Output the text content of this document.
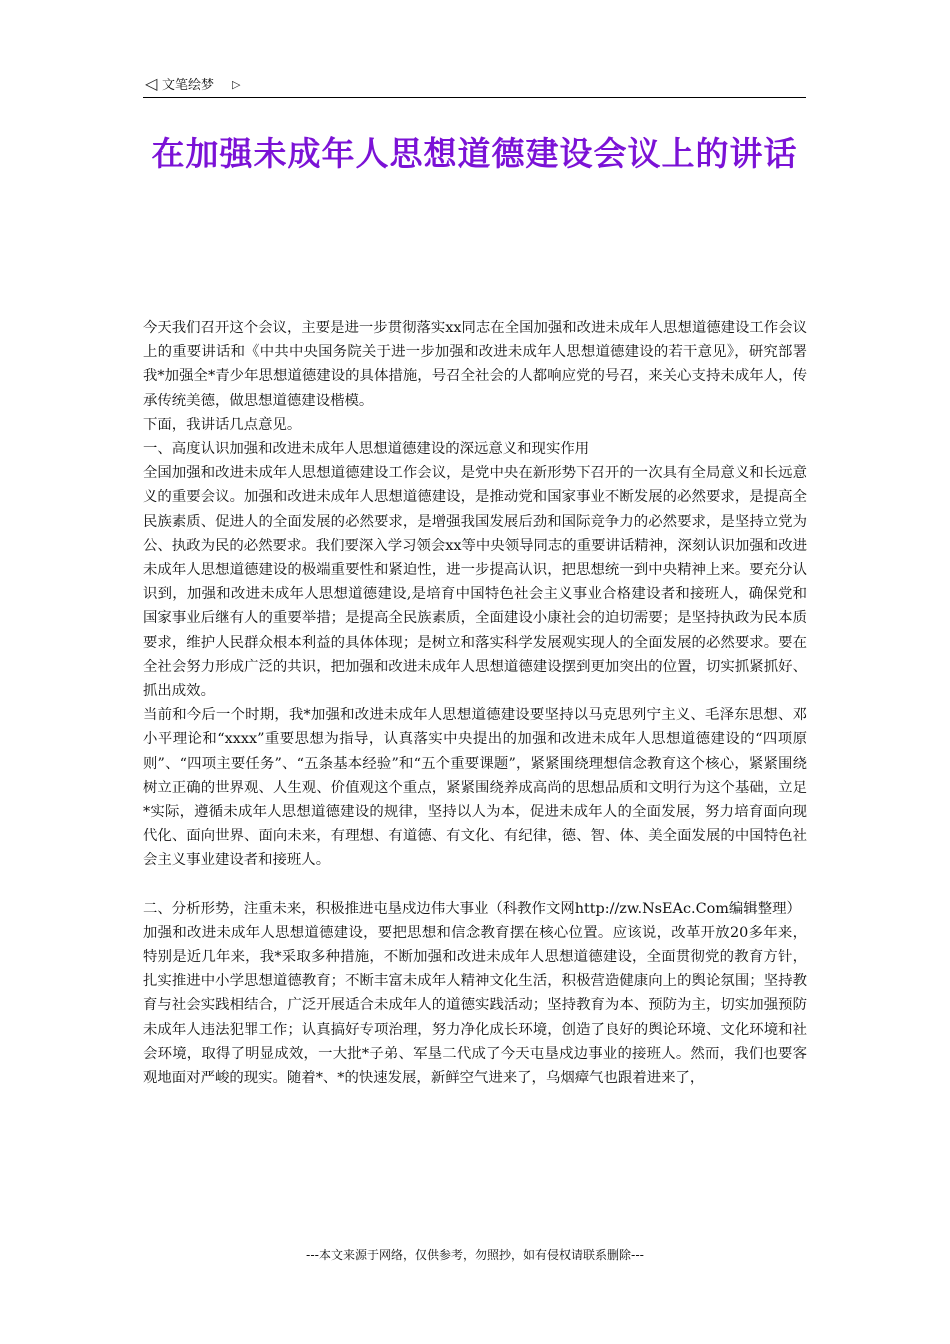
◁ 文笔绘梦 ▷
在加强未成年人思想道德建设会议上的讲话

今天我们召开这个会议，主要是进一步贯彻落实xx同志在全国加强和改进未成年人思想道德建设工作会议上的重要讲话和《中共中央国务院关于进一步加强和改进未成年人思想道德建设的若干意见》，研究部署我*加强全*青少年思想道德建设的具体措施，号召全社会的人都响应党的号召，来关心支持未成年人，传承传统美德，做思想道德建设楷模。

下面，我讲话几点意见。

一、高度认识加强和改进未成年人思想道德建设的深远意义和现实作用

全国加强和改进未成年人思想道德建设工作会议，是党中央在新形势下召开的一次具有全局意义和长远意义的重要会议。加强和改进未成年人思想道德建设，是推动党和国家事业不断发展的必然要求，是提高全民族素质、促进人的全面发展的必然要求，是增强我国发展后劲和国际竞争力的必然要求，是坚持立党为公、执政为民的必然要求。我们要深入学习领会xx等中央领导同志的重要讲话精神，深刻认识加强和改进未成年人思想道德建设的极端重要性和紧迫性，进一步提高认识，把思想统一到中央精神上来。要充分认识到，加强和改进未成年人思想道德建设,是培育中国特色社会主义事业合格建设者和接班人，确保党和国家事业后继有人的重要举措；是提高全民族素质，全面建设小康社会的迫切需要；是坚持执政为民本质要求，维护人民群众根本利益的具体体现；是树立和落实科学发展观实现人的全面发展的必然要求。要在全社会努力形成广泛的共识，把加强和改进未成年人思想道德建设摆到更加突出的位置，切实抓紧抓好、抓出成效。

当前和今后一个时期，我*加强和改进未成年人思想道德建设要坚持以马克思列宁主义、毛泽东思想、邓小平理论和“xxxx”重要思想为指导，认真落实中央提出的加强和改进未成年人思想道德建设的“四项原则”、“四项主要任务”、“五条基本经验”和“五个重要课题”，紧紧围绕理想信念教育这个核心，紧紧围绕树立正确的世界观、人生观、价值观这个重点，紧紧围绕养成高尚的思想品质和文明行为这个基础，立足*实际，遵循未成年人思想道德建设的规律，坚持以人为本，促进未成年人的全面发展，努力培育面向现代化、面向世界、面向未来，有理想、有道德、有文化、有纪律，德、智、体、美全面发展的中国特色社会主义事业建设者和接班人。

二、分析形势，注重未来，积极推进屯垦戍边伟大事业（科教作文网http://zw.NsEAc.Com编辑整理）

加强和改进未成年人思想道德建设，要把思想和信念教育摆在核心位置。应该说，改革开放20多年来，特别是近几年来，我*采取多种措施，不断加强和改进未成年人思想道德建设，全面贯彻党的教育方针，扎实推进中小学思想道德教育；不断丰富未成年人精神文化生活，积极营造健康向上的舆论氛围；坚持教育与社会实践相结合，广泛开展适合未成年人的道德实践活动；坚持教育为本、预防为主，切实加强预防未成年人违法犯罪工作；认真搞好专项治理，努力净化成长环境，创造了良好的舆论环境、文化环境和社会环境，取得了明显成效，一大批*子弟、军垦二代成了今天屯垦戍边事业的接班人。然而，我们也要客观地面对严峻的现实。随着*、*的快速发展，新鲜空气进来了，乌烟瘴气也跟着进来了，

---本文来源于网络，仅供参考，勿照抄，如有侵权请联系删除---
